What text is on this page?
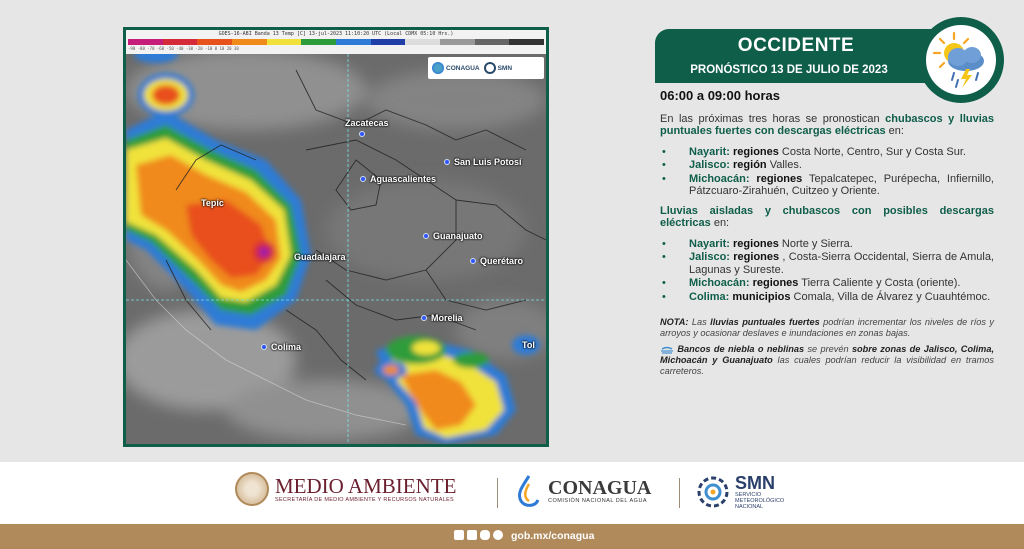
GOES-16-ABI Banda 13 Temp [C] 13-jul-2023 11:10:20 UTC (Local CDMX 05:10 Hrs.)
-90 -80 -70 -60 -50 -40 -30 -20 -10 0 10 20 30
CONAGUA	SMN
Zacatecas
San Luis Potosí
Aguascalientes
Tepic
Guanajuato
Guadalajara	Querétaro
Morelia
Colima	Tol
OCCIDENTE
PRONÓSTICO 13 DE JULIO DE 2023
06:00 a 09:00 horas
En las próximas tres horas se pronostican chubascos y lluvias puntuales fuertes con descargas eléctricas en:
• Nayarit: regiones Costa Norte, Centro, Sur y Costa Sur.
• Jalisco: región Valles.
• Michoacán: regiones Tepalcatepec, Purépecha, Infiernillo, Pátzcuaro-Zirahuén, Cuitzeo y Oriente.
Lluvias aisladas y chubascos con posibles descargas eléctricas en:
• Nayarit: regiones Norte y Sierra.
• Jalisco: regiones , Costa-Sierra Occidental, Sierra de Amula, Lagunas y Sureste.
• Michoacán: regiones Tierra Caliente y Costa (oriente).
• Colima: municipios Comala, Villa de Álvarez y Cuauhtémoc.
NOTA: Las lluvias puntuales fuertes podrían incrementar los niveles de ríos y arroyos y ocasionar deslaves e inundaciones en zonas bajas.
Bancos de niebla o neblinas se prevén sobre zonas de Jalisco, Colima, Michoacán y Guanajuato las cuales podrían reducir la visibilidad en tramos carreteros.
MEDIO AMBIENTE
SECRETARÍA DE MEDIO AMBIENTE Y RECURSOS NATURALES
CONAGUA
COMISIÓN NACIONAL DEL AGUA
SMN
SERVICIO
METEOROLÓGICO
NACIONAL
gob.mx/conagua
